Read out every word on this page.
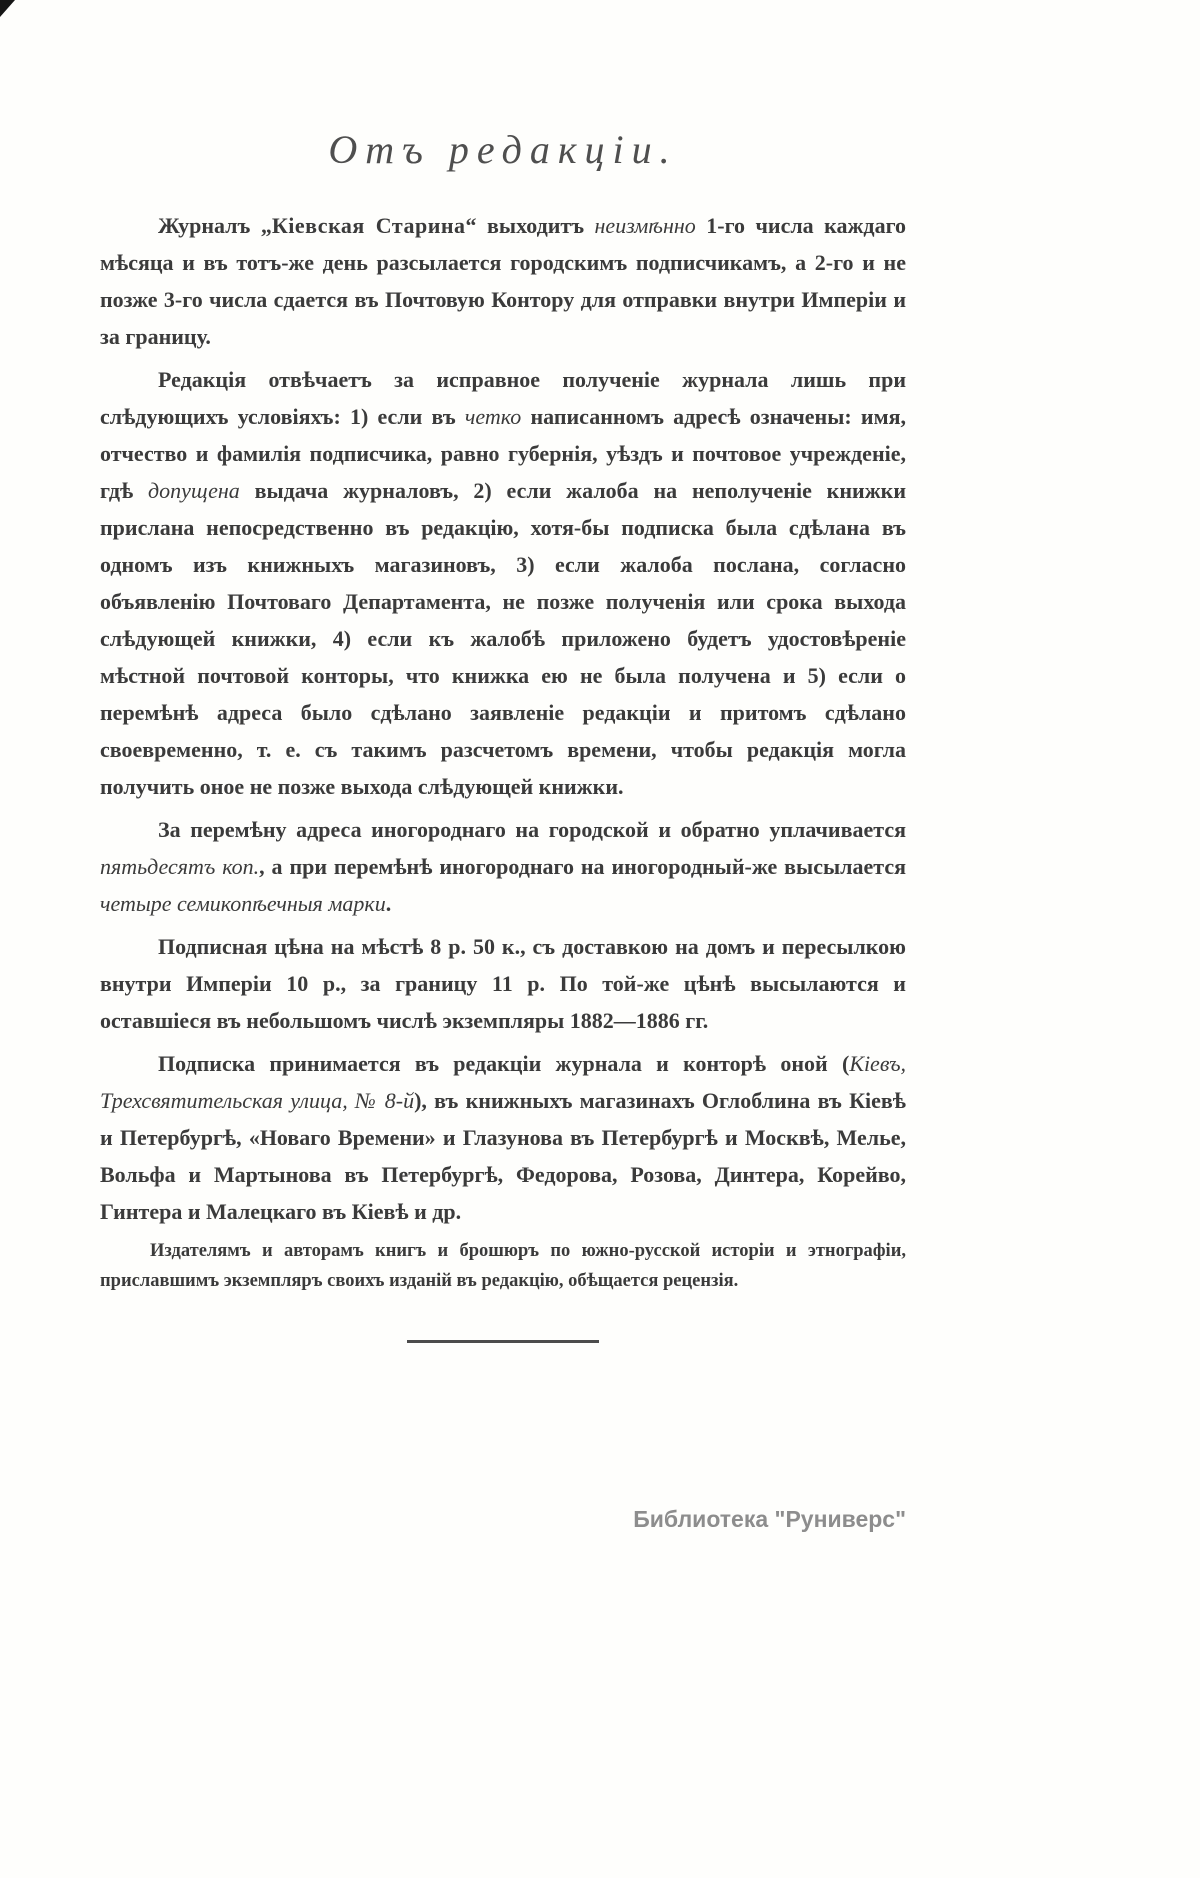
Отъ редакціи.

Журналъ „Кіевская Старина“ выходитъ неизмѣнно 1-го числа каждаго мѣсяца и въ тотъ-же день разсылается городскимъ подписчикамъ, а 2-го и не позже 3-го числа сдается въ Почтовую Контору для отправки внутри Имперіи и за границу.

Редакція отвѣчаетъ за исправное полученіе журнала лишь при слѣдующихъ условіяхъ: 1) если въ четко написанномъ адресѣ означены: имя, отчество и фамилія подписчика, равно губернія, уѣздъ и почтовое учрежденіе, гдѣ допущена выдача журналовъ, 2) если жалоба на неполученіе книжки прислана непосредственно въ редакцію, хотя-бы подписка была сдѣлана въ одномъ изъ книжныхъ магазиновъ, 3) если жалоба послана, согласно объявленію Почтоваго Департамента, не позже полученія или срока выхода слѣдующей книжки, 4) если къ жалобѣ приложено будетъ удостовѣреніе мѣстной почтовой конторы, что книжка ею не была получена и 5) если о перемѣнѣ адреса было сдѣлано заявленіе редакціи и притомъ сдѣлано своевременно, т. е. съ такимъ разсчетомъ времени, чтобы редакція могла получить оное не позже выхода слѣдующей книжки.

За перемѣну адреса иногороднаго на городской и обратно уплачивается пятьдесятъ коп., а при перемѣнѣ иногороднаго на иногородный-же высылается четыре семикопѣечныя марки.

Подписная цѣна на мѣстѣ 8 р. 50 к., съ доставкою на домъ и пересылкою внутри Имперіи 10 р., за границу 11 р. По той-же цѣнѣ высылаются и оставшіеся въ небольшомъ числѣ экземпляры 1882—1886 гг.

Подписка принимается въ редакціи журнала и конторѣ оной (Кіевъ, Трехсвятительская улица, № 8-й), въ книжныхъ магазинахъ Оглоблина въ Кіевѣ и Петербургѣ, «Новаго Времени» и Глазунова въ Петербургѣ и Москвѣ, Мелье, Вольфа и Мартынова въ Петербургѣ, Федорова, Розова, Динтера, Корейво, Гинтера и Малецкаго въ Кіевѣ и др.

Издателямъ и авторамъ книгъ и брошюръ по южно-русской исторіи и этнографіи, приславшимъ экземпляръ своихъ изданій въ редакцію, обѣщается рецензія.

Библиотека "Руниверс"
